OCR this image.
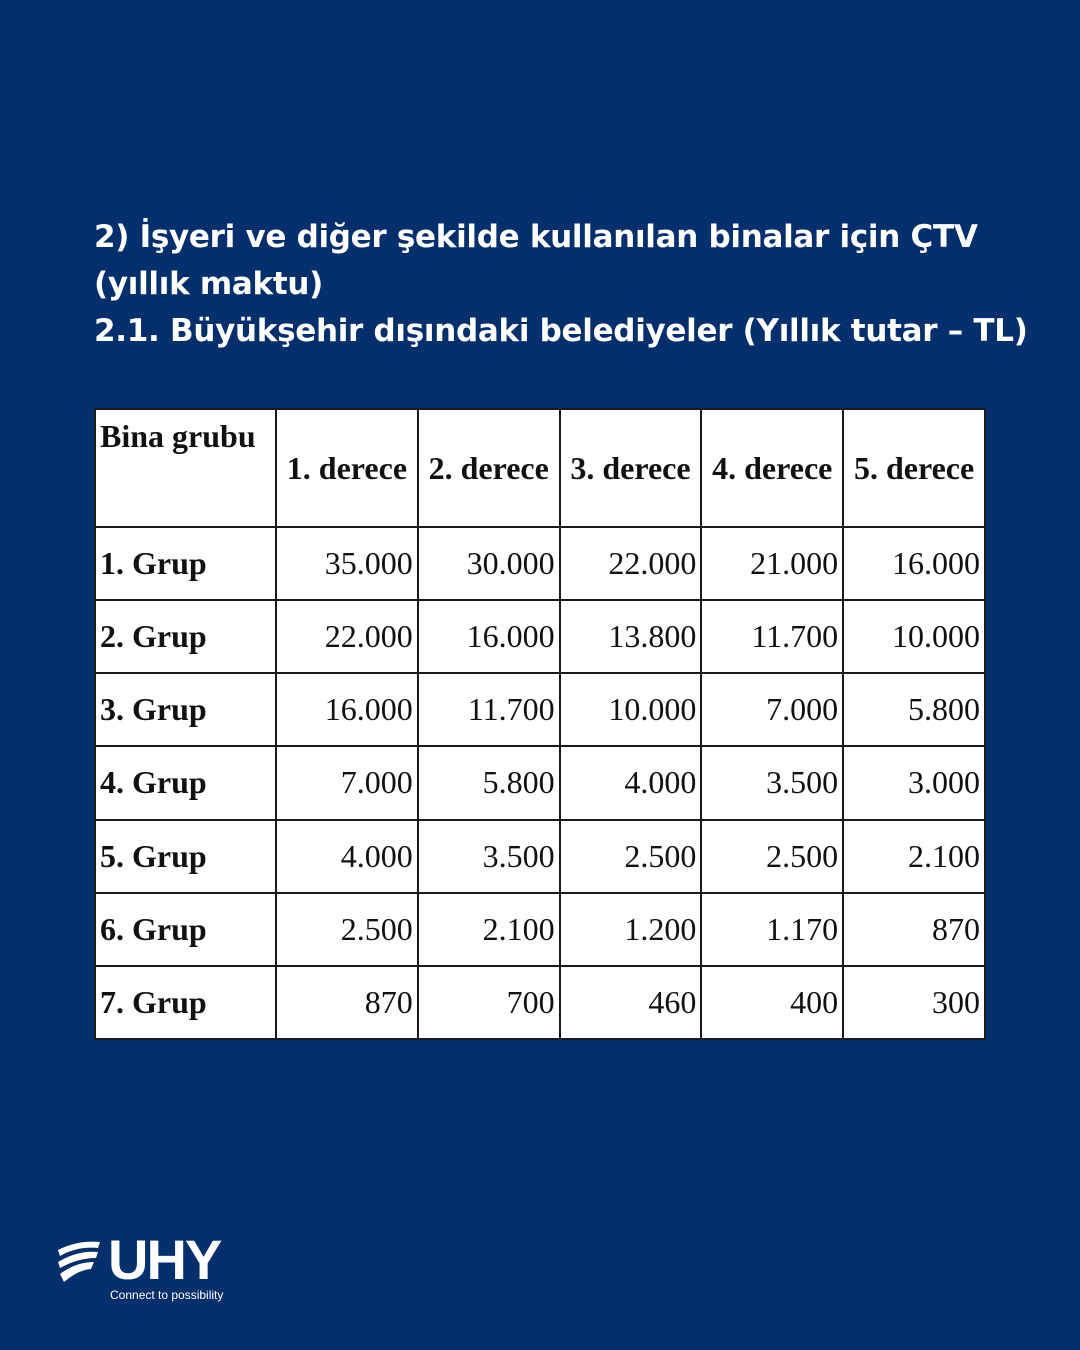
2) İşyeri ve diğer şekilde kullanılan binalar için ÇTV
(yıllık maktu)
2.1. Büyükşehir dışındaki belediyeler (Yıllık tutar – TL)
Bina grubu	1. derece	2. derece	3. derece	4. derece	5. derece
1. Grup	35.000	30.000	22.000	21.000	16.000
2. Grup	22.000	16.000	13.800	11.700	10.000
3. Grup	16.000	11.700	10.000	7.000	5.800
4. Grup	7.000	5.800	4.000	3.500	3.000
5. Grup	4.000	3.500	2.500	2.500	2.100
6. Grup	2.500	2.100	1.200	1.170	870
7. Grup	870	700	460	400	300
UHY
Connect to possibility
